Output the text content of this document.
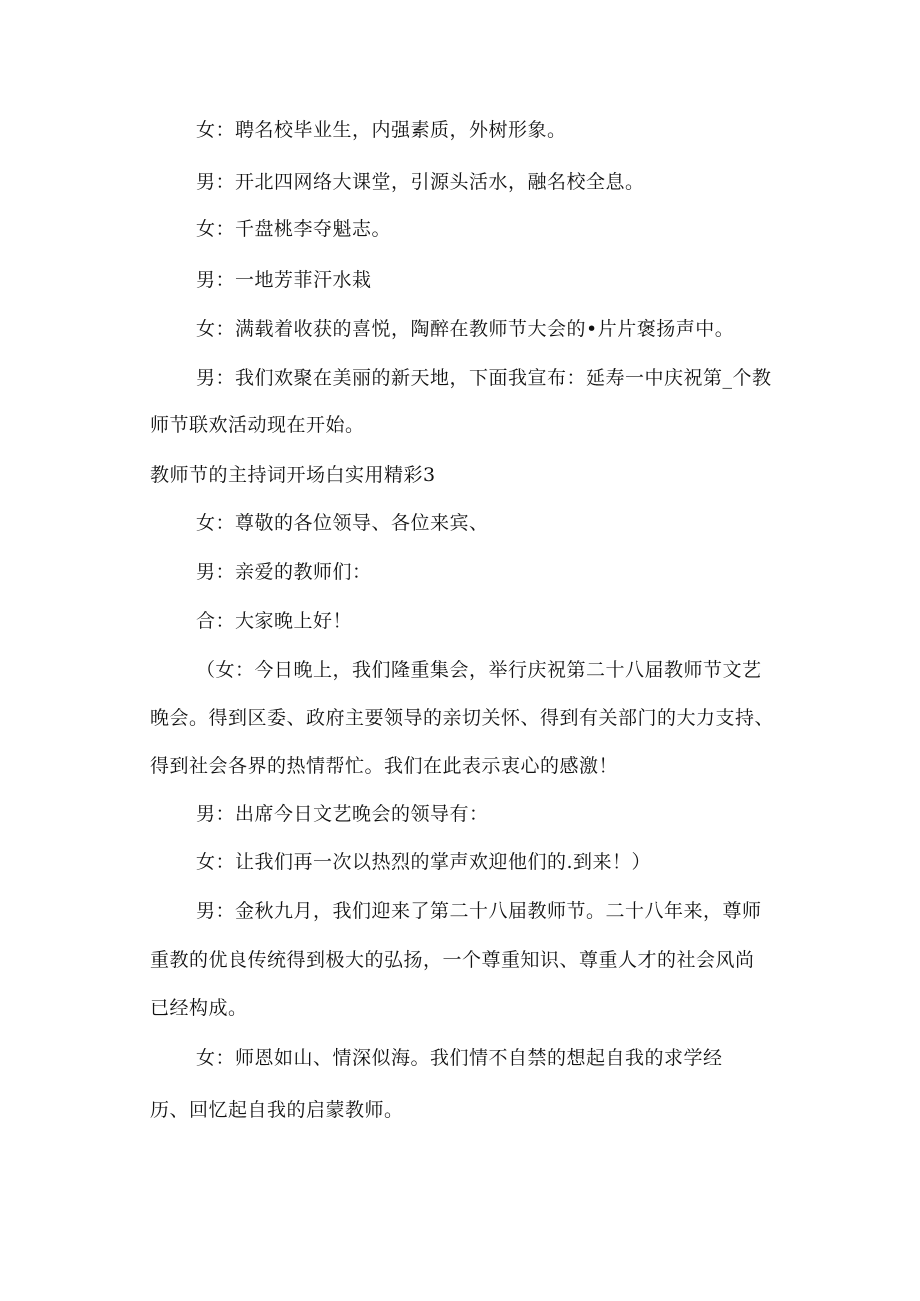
女：聘名校毕业生，内强素质，外树形象。
男：开北四网络大课堂，引源头活水，融名校全息。
女：千盘桃李夺魁志。
男：一地芳菲汗水栽
女：满载着收获的喜悦，陶醉在教师节大会的•片片褒扬声中。
男：我们欢聚在美丽的新天地，下面我宣布：延寿一中庆祝第_个教
师节联欢活动现在开始。
教师节的主持词开场白实用精彩3
女：尊敬的各位领导、各位来宾、
男：亲爱的教师们：
合：大家晚上好！
（女：今日晚上，我们隆重集会，举行庆祝第二十八届教师节文艺
晚会。得到区委、政府主要领导的亲切关怀、得到有关部门的大力支持、
得到社会各界的热情帮忙。我们在此表示衷心的感激！
男：出席今日文艺晚会的领导有：
女：让我们再一次以热烈的掌声欢迎他们的.到来！）
男：金秋九月，我们迎来了第二十八届教师节。二十八年来，尊师
重教的优良传统得到极大的弘扬，一个尊重知识、尊重人才的社会风尚
已经构成。
女：师恩如山、情深似海。我们情不自禁的想起自我的求学经
历、回忆起自我的启蒙教师。
